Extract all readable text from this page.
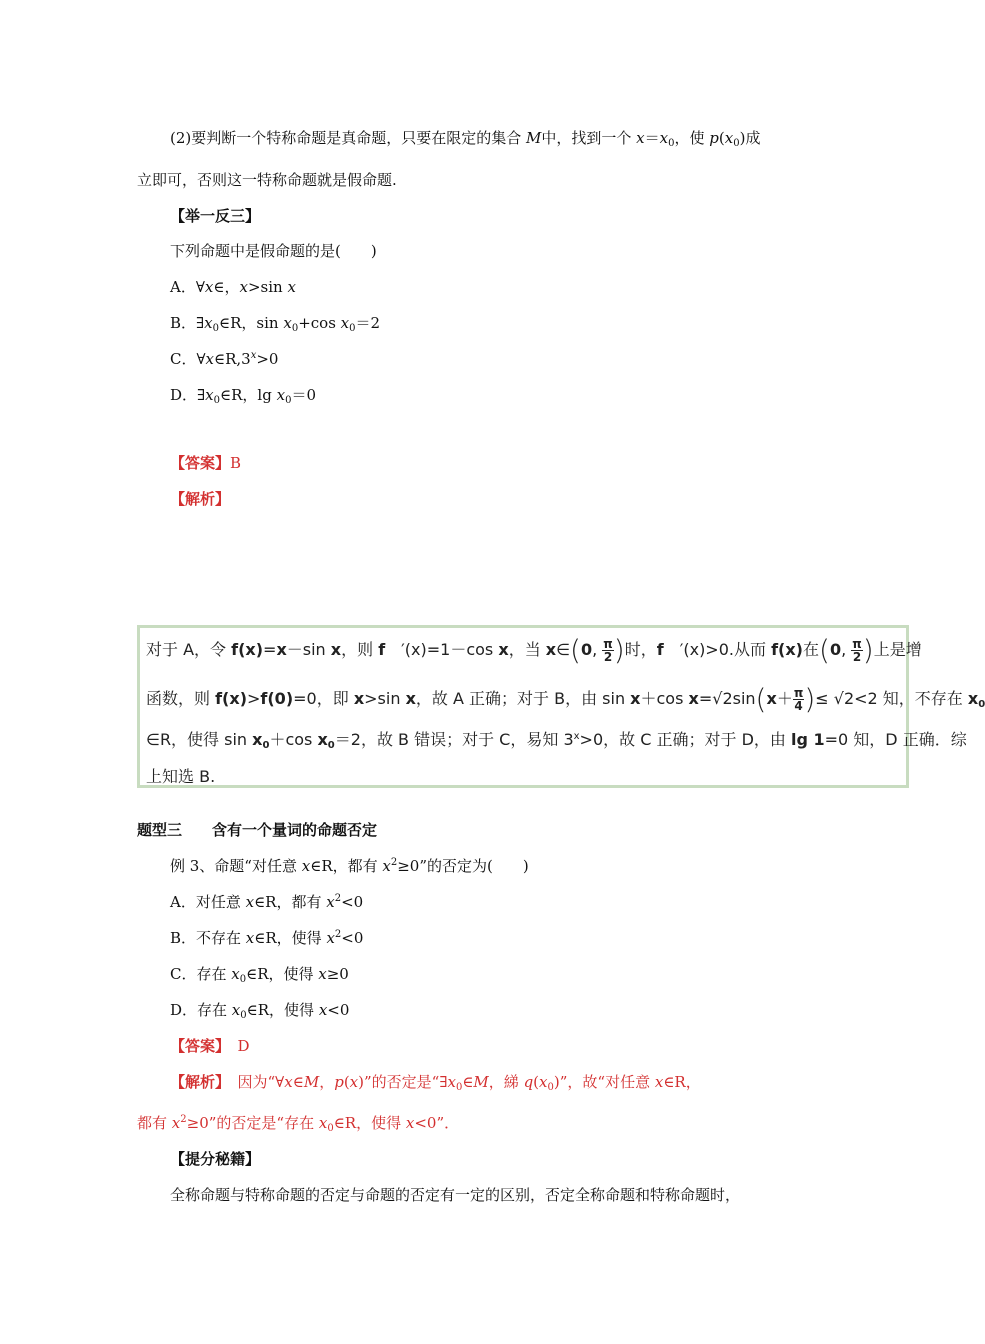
(2)要判断一个特称命题是真命题，只要在限定的集合 M中，找到一个 $x=x_0$，使 $p(x_0)$成
立即可，否则这一特称命题就是假命题.
【举一反三】
下列命题中是假命题的是(　　)
A．∀x∈，x>sin x
B．$\exists x_0\in R$，$\sin x_0+\cos$ $x_0=2$
C．$\forall x\in R,3^x>0$
D．$\exists x_0\in R$，$\lg x_0=0$
【答案】B
【解析】
对于 A，令 f(x)=x－sin x，则 f　′(x)=1－cos x，当 x∈(0, $\frac{\pi}{2}$ )时，f　′(x)>0.从而 f(x)在(0, $\frac{\pi}{2}$ )上是增
函数，则 f(x)>f(0)=0，即 x>sin x，故 A 正确；对于 B，由 sin x＋cos $x=√2\sin(x+ \frac{\pi}{4}$ )≤ √2<2 知，不存在 $x_0$
∈R，使得 $\sin x_0+\cos$ $x_0=2$，故 B 错误；对于 C，易知 $3^x>0$，故 C 正确；对于 D，由 lg 1=0 知，D 正确．综
上知选 B.
题型三　　含有一个量词的命题否定
例 3、命题“对任意 x∈R，都有 $x^2\ge 0$”的否定为(　　)
A．对任意 x∈R，都有 $x^2<0$
B．不存在 x∈R，使得 $x^2<0$
C．存在 $x_0\in R$，使得 x≥0
D．存在 $x_0\in R$，使得 x<0
【答案】　 D
【解析】　因为“∀x∈M，p(x)”的否定是“$\exists x_0\in M$，綈 $q(x_0)$”，故“对任意 x∈R，
都有 $x^2\ge 0$”的否定是“存在 $x_0\in R$，使得 x<0”．
【提分秘籍】
全称命题与特称命题的否定与命题的否定有一定的区别，否定全称命题和特称命题时，
